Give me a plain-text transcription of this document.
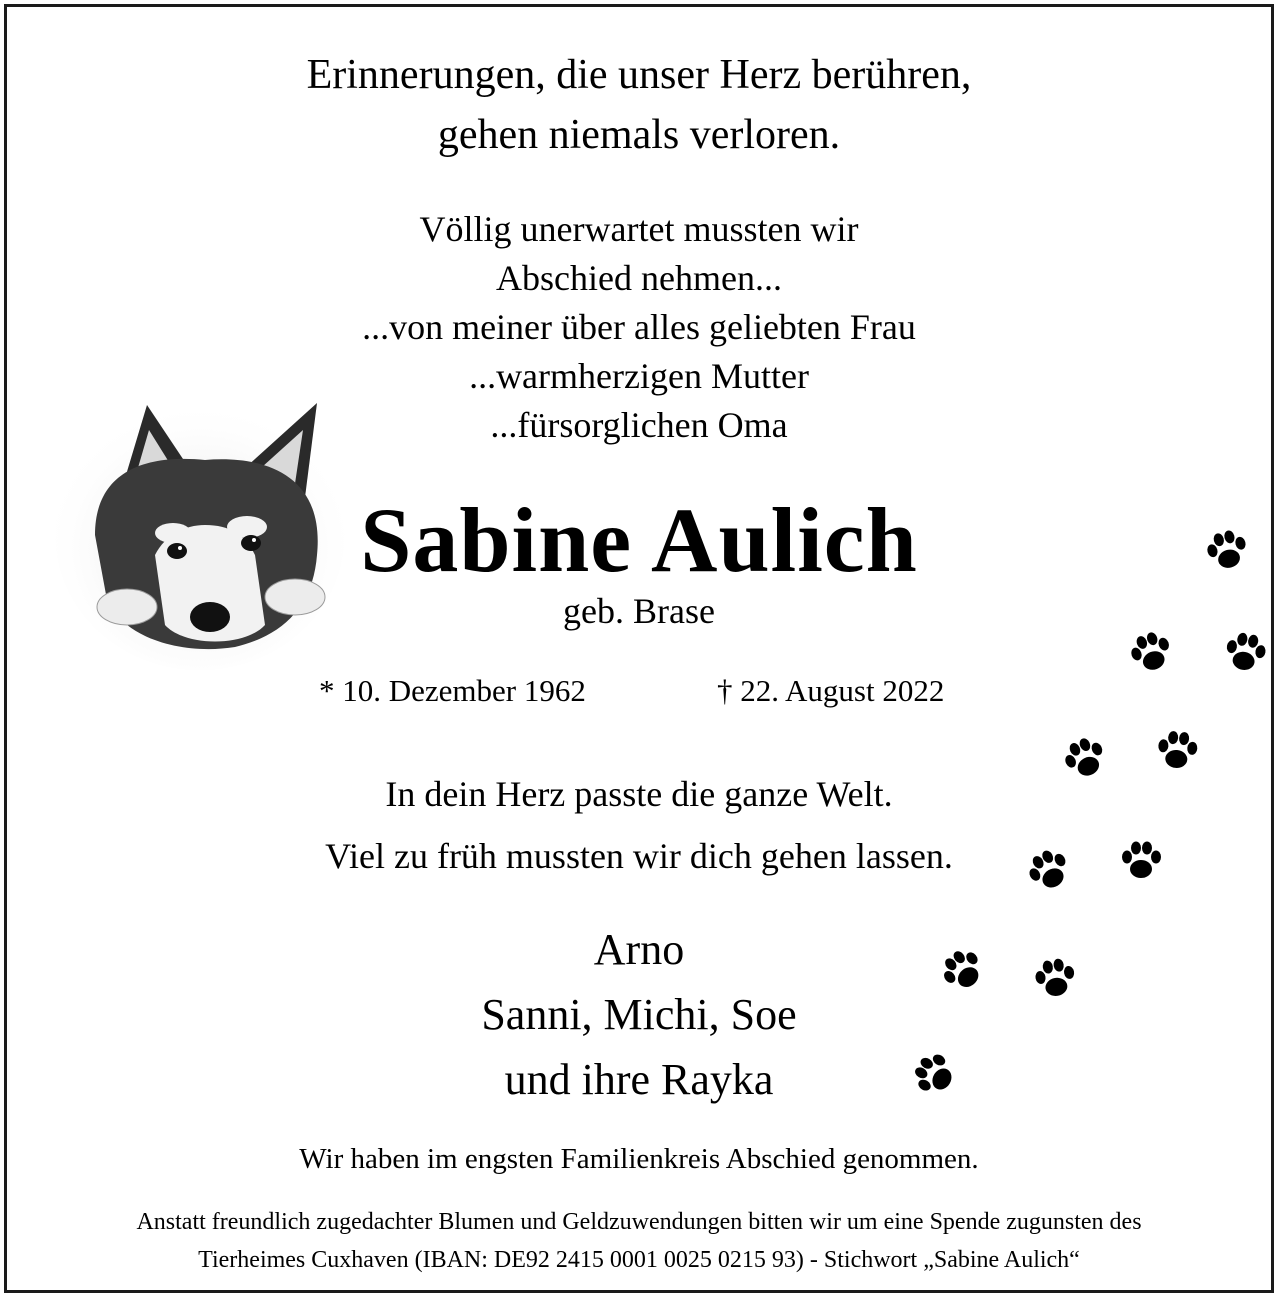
Erinnerungen, die unser Herz berühren,
gehen niemals verloren.
Völlig unerwartet mussten wir
Abschied nehmen...
...von meiner über alles geliebten Frau
...warmherzigen Mutter
...fürsorglichen Oma
Sabine Aulich
geb. Brase
* 10. Dezember 1962	† 22. August 2022
In dein Herz passte die ganze Welt.
Viel zu früh mussten wir dich gehen lassen.
Arno
Sanni, Michi, Soe
und ihre Rayka
Wir haben im engsten Familienkreis Abschied genommen.
Anstatt freundlich zugedachter Blumen und Geldzuwendungen bitten wir um eine Spende zugunsten des
Tierheimes Cuxhaven (IBAN: DE92 2415 0001 0025 0215 93) - Stichwort „Sabine Aulich“
